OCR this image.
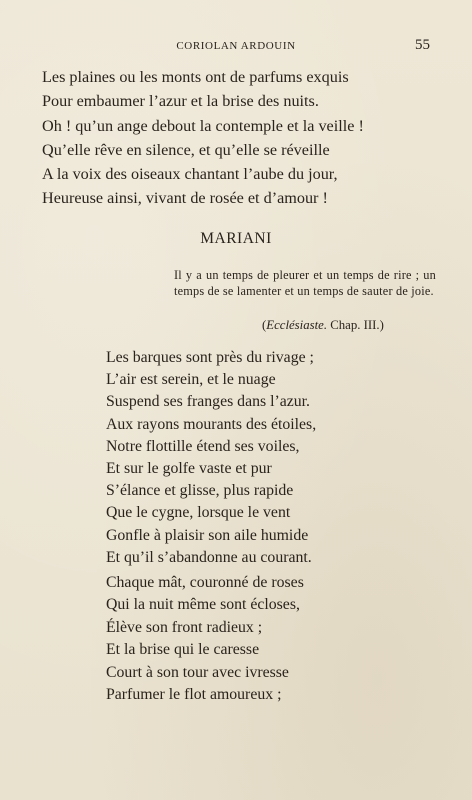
CORIOLAN ARDOUIN	55
Les plaines ou les monts ont de parfums exquis
Pour embaumer l’azur et la brise des nuits.
Oh ! qu’un ange debout la contemple et la veille !
Qu’elle rêve en silence, et qu’elle se réveille
A la voix des oiseaux chantant l’aube du jour,
Heureuse ainsi, vivant de rosée et d’amour !
MARIANI
Il y a un temps de pleurer et un temps de rire ; un temps de se lamenter et un temps de sauter de joie.
(Ecclésiaste. Chap. III.)
Les barques sont près du rivage ;
L’air est serein, et le nuage
Suspend ses franges dans l’azur.
Aux rayons mourants des étoiles,
Notre flottille étend ses voiles,
Et sur le golfe vaste et pur
S’élance et glisse, plus rapide
Que le cygne, lorsque le vent
Gonfle à plaisir son aile humide
Et qu’il s’abandonne au courant.
Chaque mât, couronné de roses
Qui la nuit même sont écloses,
Élève son front radieux ;
Et la brise qui le caresse
Court à son tour avec ivresse
Parfumer le flot amoureux ;
